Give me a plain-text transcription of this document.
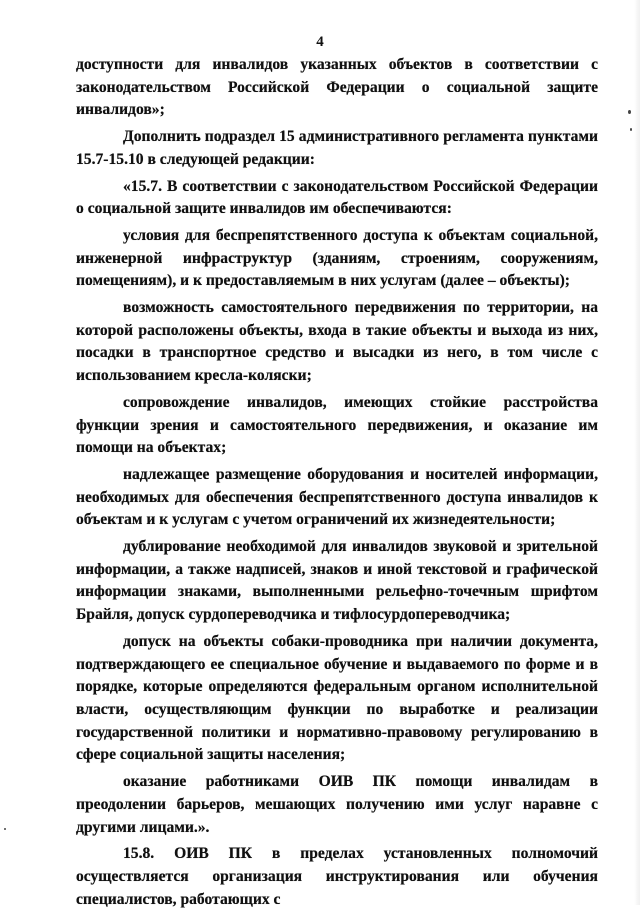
4

доступности для инвалидов указанных объектов в соответствии с законодательством Российской Федерации о социальной защите инвалидов»;

Дополнить подраздел 15 административного регламента пунктами 15.7-15.10 в следующей редакции:

«15.7. В соответствии с законодательством Российской Федерации о социальной защите инвалидов им обеспечиваются:

условия для беспрепятственного доступа к объектам социальной, инженерной инфраструктур (зданиям, строениям, сооружениям, помещениям), и к предоставляемым в них услугам (далее – объекты);

возможность самостоятельного передвижения по территории, на которой расположены объекты, входа в такие объекты и выхода из них, посадки в транспортное средство и высадки из него, в том числе с использованием кресла-коляски;

сопровождение инвалидов, имеющих стойкие расстройства функции зрения и самостоятельного передвижения, и оказание им помощи на объектах;

надлежащее размещение оборудования и носителей информации, необходимых для обеспечения беспрепятственного доступа инвалидов к объектам и к услугам с учетом ограничений их жизнедеятельности;

дублирование необходимой для инвалидов звуковой и зрительной информации, а также надписей, знаков и иной текстовой и графической информации знаками, выполненными рельефно-точечным шрифтом Брайля, допуск сурдопереводчика и тифлосурдопереводчика;

допуск на объекты собаки-проводника при наличии документа, подтверждающего ее специальное обучение и выдаваемого по форме и в порядке, которые определяются федеральным органом исполнительной власти, осуществляющим функции по выработке и реализации государственной политики и нормативно-правовому регулированию в сфере социальной защиты населения;

оказание работниками ОИВ ПК помощи инвалидам в преодолении барьеров, мешающих получению ими услуг наравне с другими лицами.».

15.8. ОИВ ПК в пределах установленных полномочий осуществляется организация инструктирования или обучения специалистов, работающих с
